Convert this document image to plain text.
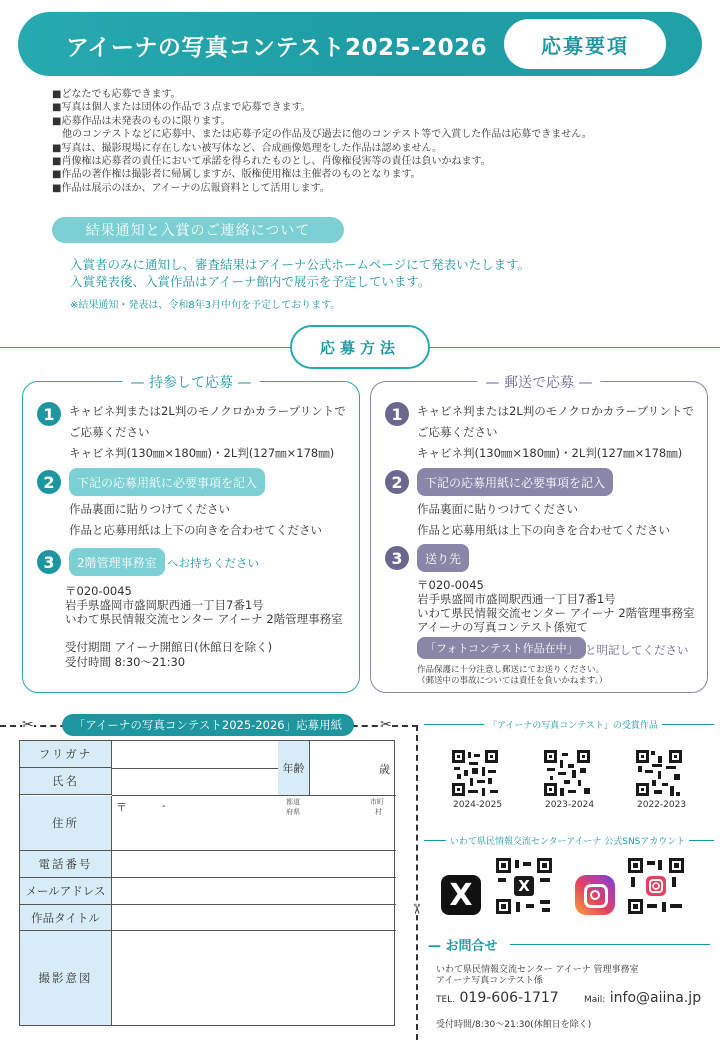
アイーナの写真コンテスト2025-2026	応募要項
■どなたでも応募できます。
■写真は個人または団体の作品で３点まで応募できます。
■応募作品は未発表のものに限ります。
　他のコンテストなどに応募中、または応募予定の作品及び過去に他のコンテスト等で入賞した作品は応募できません。
■写真は、撮影現場に存在しない被写体など、合成画像処理をした作品は認めません。
■肖像権は応募者の責任において承諾を得られたものとし、肖像権侵害等の責任は負いかねます。
■作品の著作権は撮影者に帰属しますが、版権使用権は主催者のものとなります。
■作品は展示のほか、アイーナの広報資料として活用します。
結果通知と入賞のご連絡について
入賞者のみに通知し、審査結果はアイーナ公式ホームページにて発表いたします。
入賞発表後、入賞作品はアイーナ館内で展示を予定しています。
※結果通知・発表は、令和8年3月中旬を予定しております。
応募方法
— 持参して応募 —
1	キャビネ判または2L判のモノクロかカラープリントで
ご応募ください
キャビネ判(130㎜×180㎜)・2L判(127㎜×178㎜)
2	下記の応募用紙に必要事項を記入
作品裏面に貼りつけてください
作品と応募用紙は上下の向きを合わせてください
3	2階管理事務室 へお持ちください
〒020-0045
岩手県盛岡市盛岡駅西通一丁目7番1号
いわて県民情報交流センター アイーナ 2階管理事務室
受付期間 アイーナ開館日(休館日を除く)
受付時間 8:30～21:30
— 郵送で応募 —
1	キャビネ判または2L判のモノクロかカラープリントで
ご応募ください
キャビネ判(130㎜×180㎜)・2L判(127㎜×178㎜)
2	下記の応募用紙に必要事項を記入
作品裏面に貼りつけてください
作品と応募用紙は上下の向きを合わせてください
3	送り先
〒020-0045
岩手県盛岡市盛岡駅西通一丁目7番1号
いわて県民情報交流センター アイーナ 2階管理事務室
アイーナの写真コンテスト係宛て
「フォトコンテスト作品在中」 と明記してください
作品保護に十分注意し郵送にてお送りください。
（郵送中の事故については責任を負いかねます。）
✂	✂
✂
「アイーナの写真コンテスト2025-2026」応募用紙
フリガナ
氏名
年齢	歳
住所
〒	-	都道
府県
市町
村
電話番号
メールアドレス
作品タイトル
撮影意図
「アイーナの写真コンテスト」の受賞作品
2024-2025	2023-2024	2022-2023
いわて県民情報交流センターアイーナ 公式SNSアカウント
X	X
— お問合せ
いわて県民情報交流センター アイーナ 管理事務室
アイーナ写真コンテスト係
TEL. 019-606-1717	Mail: info@aiina.jp
受付時間/8:30～21:30(休館日を除く)
